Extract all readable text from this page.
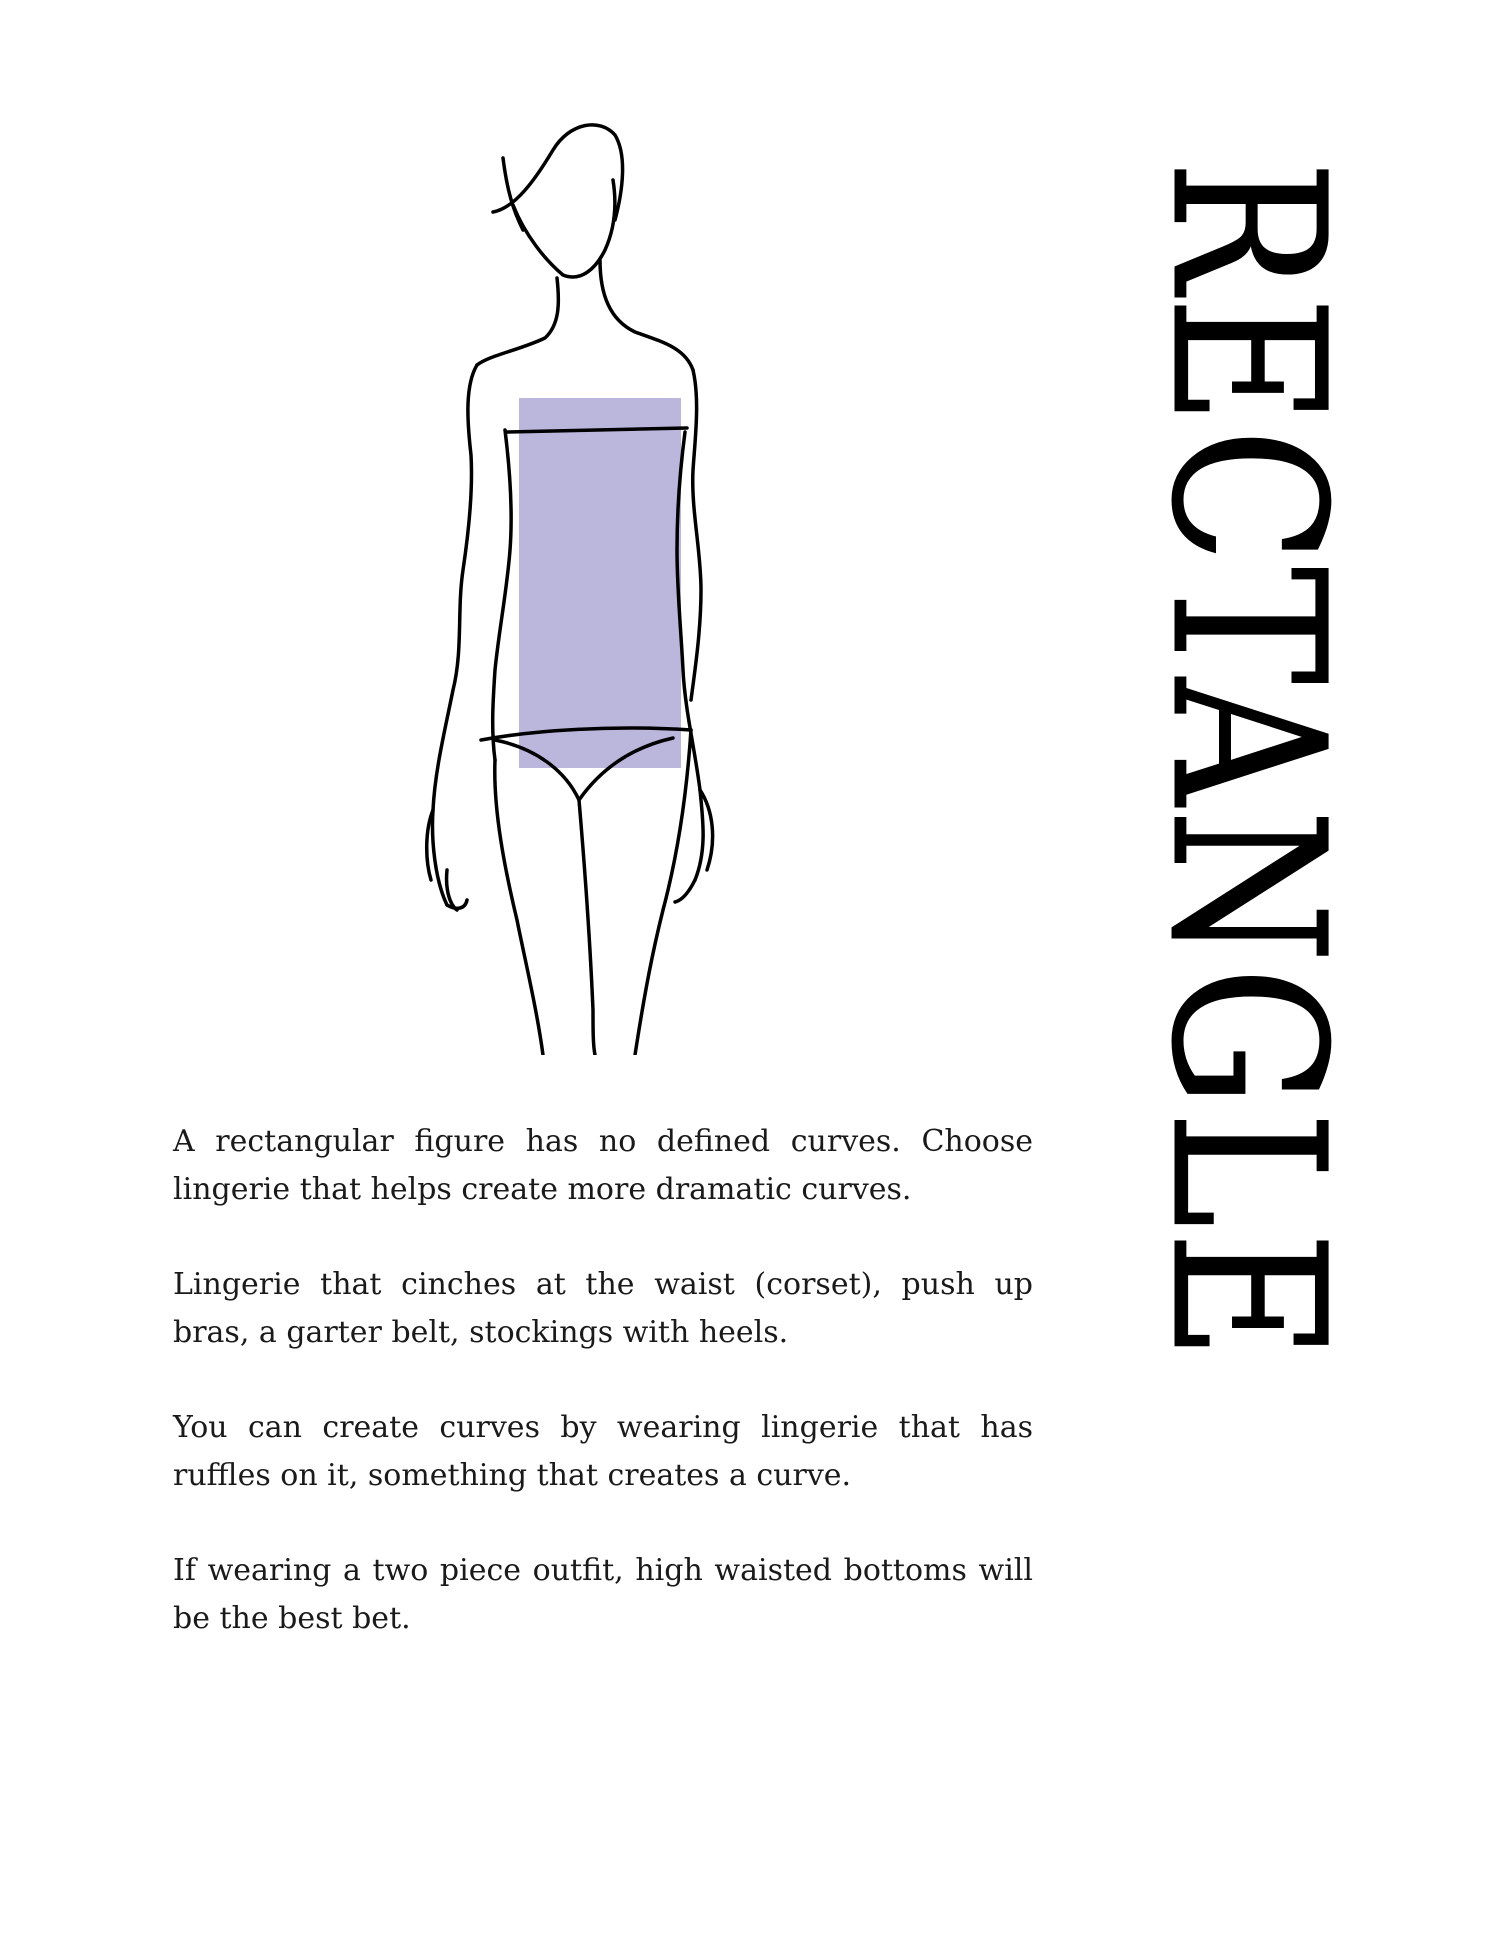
RECTANGLE

A rectangular figure has no defined curves. Choose lingerie that helps create more dramatic curves.

Lingerie that cinches at the waist (corset), push up bras, a garter belt, stockings with heels.

You can create curves by wearing lingerie that has ruffles on it, something that creates a curve.

If wearing a two piece outfit, high waisted bottoms will be the best bet.
